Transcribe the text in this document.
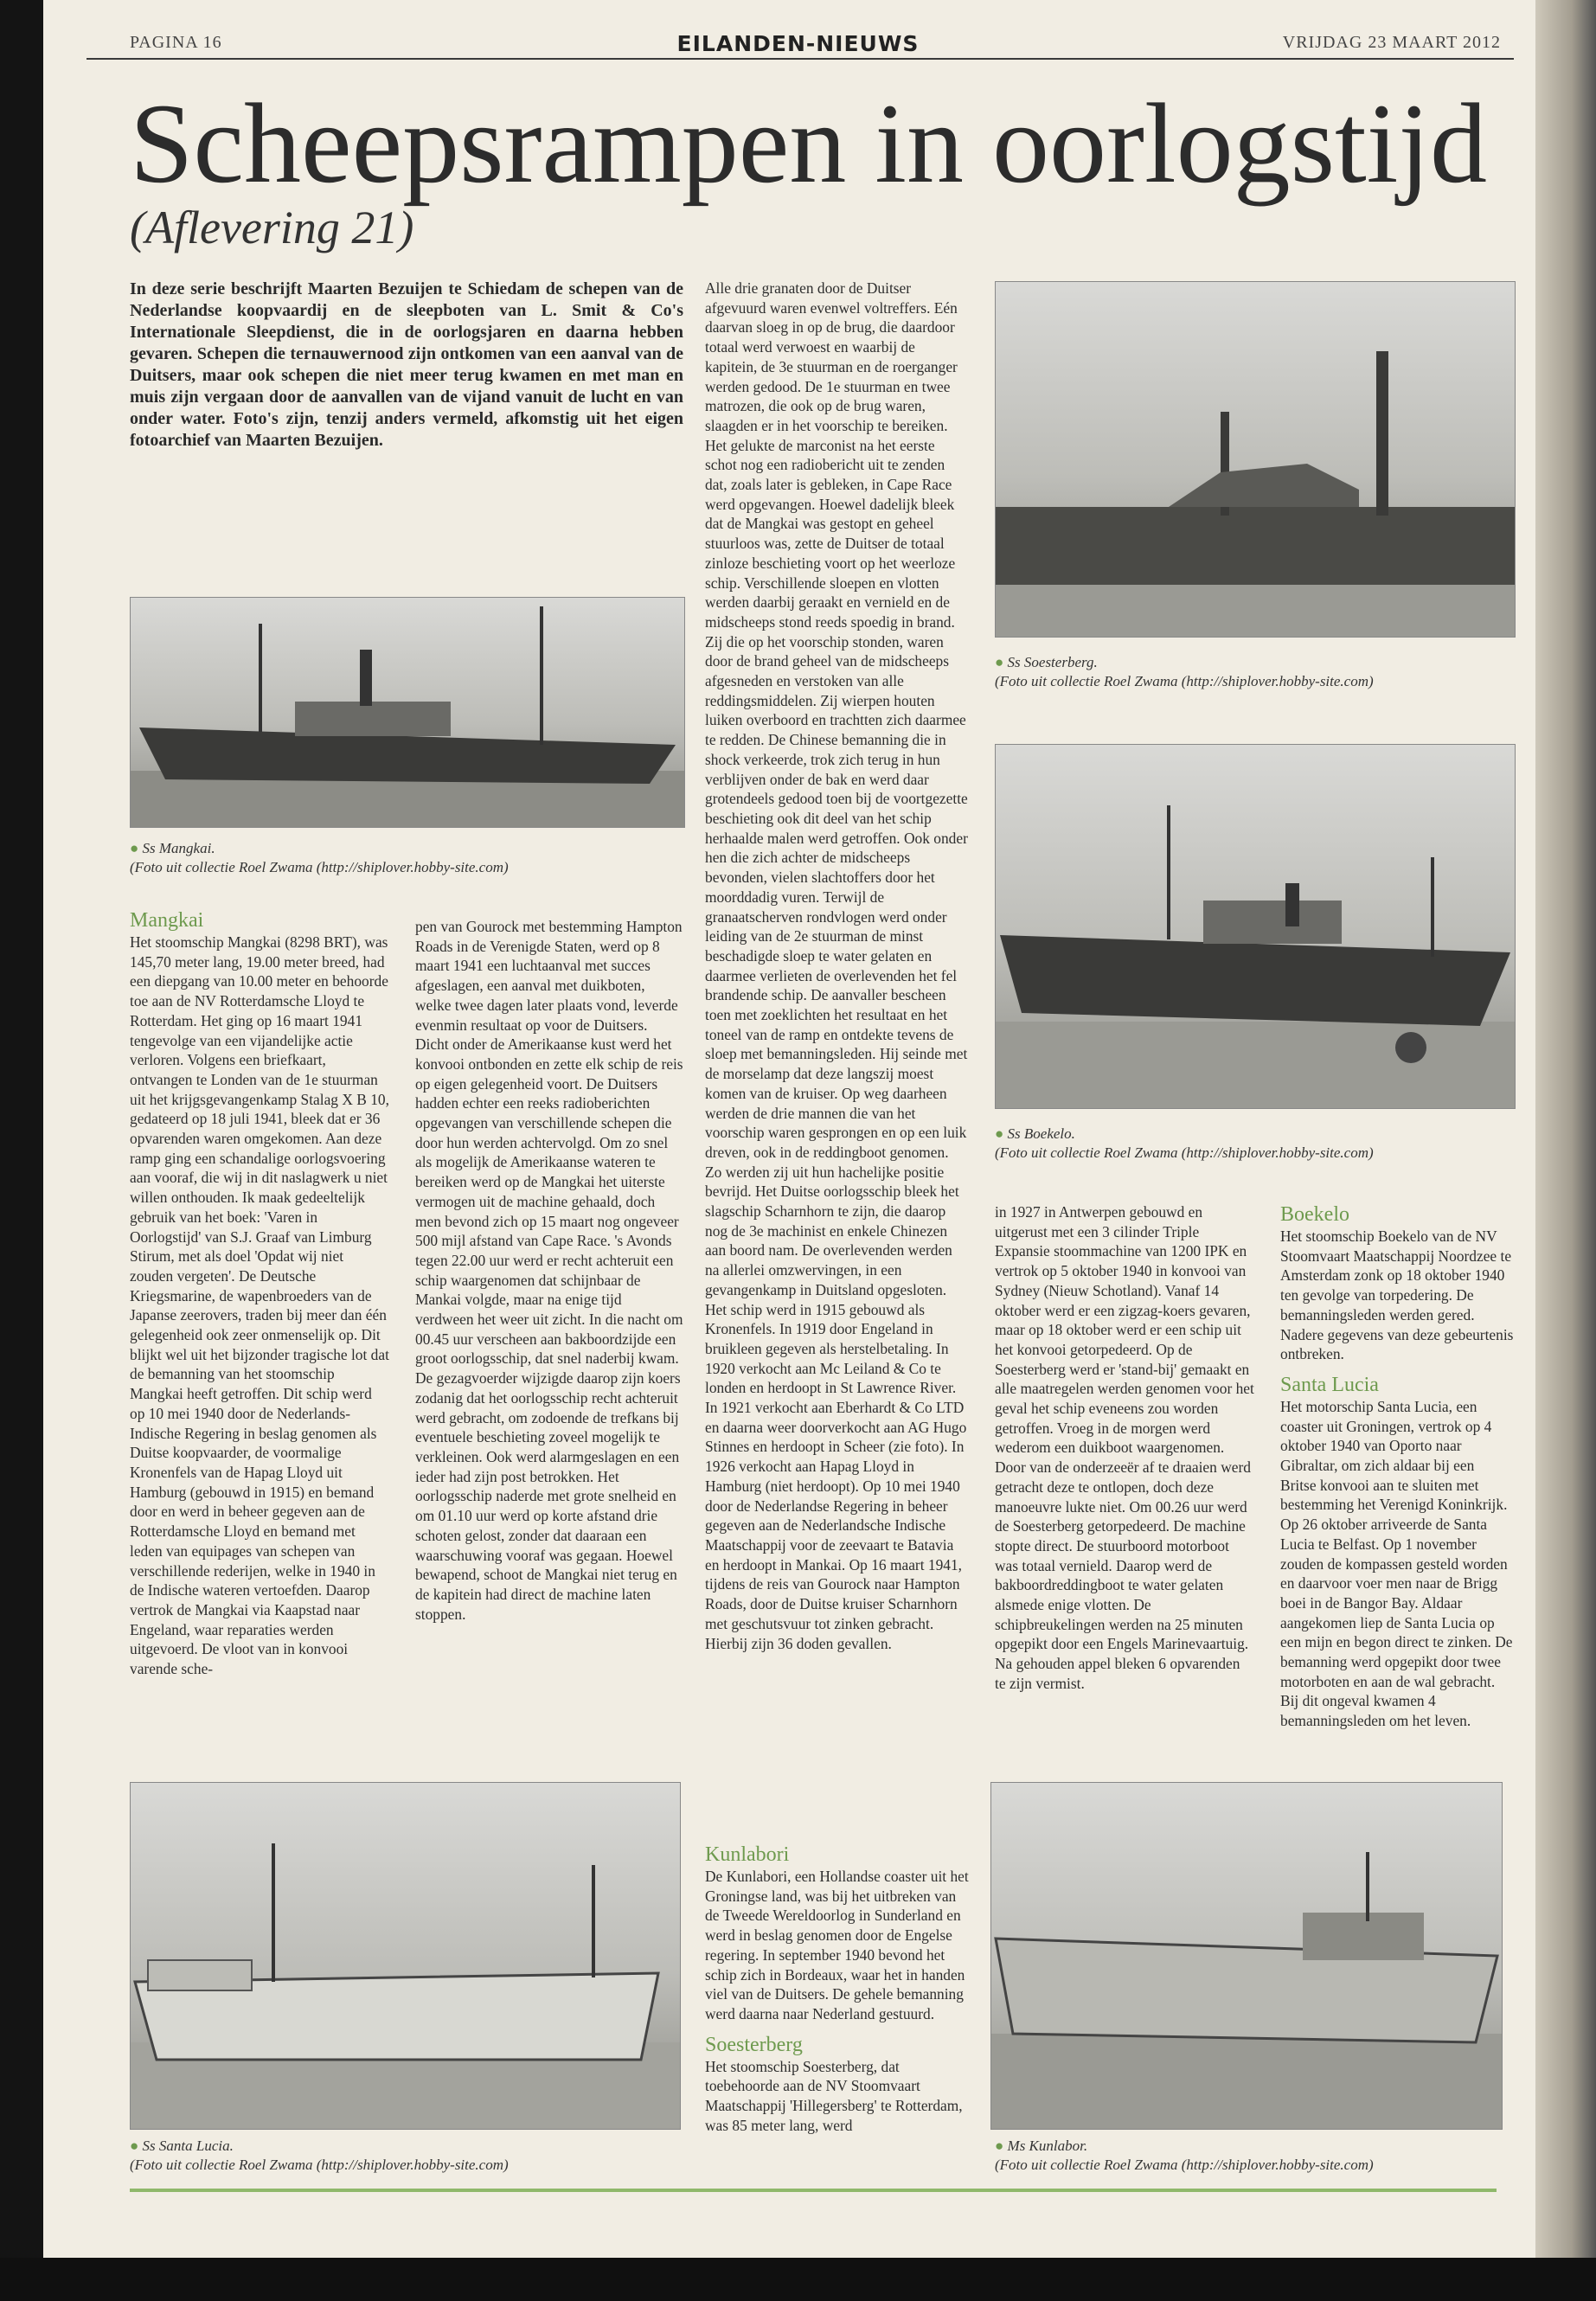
PAGINA 16	EILANDEN-NIEUWS	VRIJDAG 23 MAART 2012
Scheepsrampen in oorlogstijd
(Aflevering 21)
In deze serie beschrijft Maarten Bezuijen te Schiedam de schepen van de Nederlandse koopvaardij en de sleepboten van L. Smit & Co's Internationale Sleepdienst, die in de oorlogsjaren en daarna hebben gevaren. Schepen die ternauwernood zijn ontkomen van een aanval van de Duitsers, maar ook schepen die niet meer terug kwamen en met man en muis zijn vergaan door de aanvallen van de vijand vanuit de lucht en van onder water. Foto's zijn, tenzij anders vermeld, afkomstig uit het eigen fotoarchief van Maarten Bezuijen.
● Ss Mangkai.
(Foto uit collectie Roel Zwama (http://shiplover.hobby-site.com)

Mangkai

Het stoomschip Mangkai (8298 BRT), was 145,70 meter lang, 19.00 meter breed, had een diepgang van 10.00 meter en behoorde toe aan de NV Rotterdamsche Lloyd te Rotterdam. Het ging op 16 maart 1941 tengevolge van een vijandelijke actie verloren. Volgens een briefkaart, ontvangen te Londen van de 1e stuurman uit het krijgsgevangenkamp Stalag X B 10, gedateerd op 18 juli 1941, bleek dat er 36 opvarenden waren omgekomen. Aan deze ramp ging een schandalige oorlogsvoering aan vooraf, die wij in dit naslagwerk u niet willen onthouden. Ik maak gedeeltelijk gebruik van het boek: 'Varen in Oorlogstijd' van S.J. Graaf van Limburg Stirum, met als doel 'Opdat wij niet zouden vergeten'. De Deutsche Kriegsmarine, de wapenbroeders van de Japanse zeerovers, traden bij meer dan één gelegenheid ook zeer onmenselijk op. Dit blijkt wel uit het bijzonder tragische lot dat de bemanning van het stoomschip Mangkai heeft getroffen. Dit schip werd op 10 mei 1940 door de Nederlands-Indische Regering in beslag genomen als Duitse koopvaarder, de voormalige Kronenfels van de Hapag Lloyd uit Hamburg (gebouwd in 1915) en bemand door en werd in beheer gegeven aan de Rotterdamsche Lloyd en bemand met leden van equipages van schepen van verschillende rederijen, welke in 1940 in de Indische wateren vertoefden. Daarop vertrok de Mangkai via Kaapstad naar Engeland, waar reparaties werden uitgevoerd. De vloot van in konvooi varende sche-

pen van Gourock met bestemming Hampton Roads in de Verenigde Staten, werd op 8 maart 1941 een luchtaanval met succes afgeslagen, een aanval met duikboten, welke twee dagen later plaats vond, leverde evenmin resultaat op voor de Duitsers. Dicht onder de Amerikaanse kust werd het konvooi ontbonden en zette elk schip de reis op eigen gelegenheid voort. De Duitsers hadden echter een reeks radioberichten opgevangen van verschillende schepen die door hun werden achtervolgd. Om zo snel als mogelijk de Amerikaanse wateren te bereiken werd op de Mangkai het uiterste vermogen uit de machine gehaald, doch men bevond zich op 15 maart nog ongeveer 500 mijl afstand van Cape Race. 's Avonds tegen 22.00 uur werd er recht achteruit een schip waargenomen dat schijnbaar de Mankai volgde, maar na enige tijd verdween het weer uit zicht. In die nacht om 00.45 uur verscheen aan bakboordzijde een groot oorlogsschip, dat snel naderbij kwam. De gezagvoerder wijzigde daarop zijn koers zodanig dat het oorlogsschip recht achteruit werd gebracht, om zodoende de trefkans bij eventuele beschieting zoveel mogelijk te verkleinen. Ook werd alarmgeslagen en een ieder had zijn post betrokken. Het oorlogsschip naderde met grote snelheid en om 01.10 uur werd op korte afstand drie schoten gelost, zonder dat daaraan een waarschuwing vooraf was gegaan. Hoewel bewapend, schoot de Mangkai niet terug en de kapitein had direct de machine laten stoppen.

Alle drie granaten door de Duitser afgevuurd waren evenwel voltreffers. Eén daarvan sloeg in op de brug, die daardoor totaal werd verwoest en waarbij de kapitein, de 3e stuurman en de roerganger werden gedood. De 1e stuurman en twee matrozen, die ook op de brug waren, slaagden er in het voorschip te bereiken. Het gelukte de marconist na het eerste schot nog een radiobericht uit te zenden dat, zoals later is gebleken, in Cape Race werd opgevangen. Hoewel dadelijk bleek dat de Mangkai was gestopt en geheel stuurloos was, zette de Duitser de totaal zinloze beschieting voort op het weerloze schip. Verschillende sloepen en vlotten werden daarbij geraakt en vernield en de midscheeps stond reeds spoedig in brand. Zij die op het voorschip stonden, waren door de brand geheel van de midscheeps afgesneden en verstoken van alle reddingsmiddelen. Zij wierpen houten luiken overboord en trachtten zich daarmee te redden. De Chinese bemanning die in shock verkeerde, trok zich terug in hun verblijven onder de bak en werd daar grotendeels gedood toen bij de voortgezette beschieting ook dit deel van het schip herhaalde malen werd getroffen. Ook onder hen die zich achter de midscheeps bevonden, vielen slachtoffers door het moorddadig vuren. Terwijl de granaatscherven rondvlogen werd onder leiding van de 2e stuurman de minst beschadigde sloep te water gelaten en daarmee verlieten de overlevenden het fel brandende schip. De aanvaller bescheen toen met zoeklichten het resultaat en het toneel van de ramp en ontdekte tevens de sloep met bemanningsleden. Hij seinde met de morselamp dat deze langszij moest komen van de kruiser. Op weg daarheen werden de drie mannen die van het voorschip waren gesprongen en op een luik dreven, ook in de reddingboot genomen. Zo werden zij uit hun hachelijke positie bevrijd. Het Duitse oorlogsschip bleek het slagschip Scharnhorn te zijn, die daarop nog de 3e machinist en enkele Chinezen aan boord nam. De overlevenden werden na allerlei omzwervingen, in een gevangenkamp in Duitsland opgesloten. Het schip werd in 1915 gebouwd als Kronenfels. In 1919 door Engeland in bruikleen gegeven als herstelbetaling. In 1920 verkocht aan Mc Leiland & Co te londen en herdoopt in St Lawrence River. In 1921 verkocht aan Eberhardt & Co LTD en daarna weer doorverkocht aan AG Hugo Stinnes en herdoopt in Scheer (zie foto). In 1926 verkocht aan Hapag Lloyd in Hamburg (niet herdoopt). Op 10 mei 1940 door de Nederlandse Regering in beheer gegeven aan de Nederlandsche Indische Maatschappij voor de zeevaart te Batavia en herdoopt in Mankai. Op 16 maart 1941, tijdens de reis van Gourock naar Hampton Roads, door de Duitse kruiser Scharnhorn met geschutsvuur tot zinken gebracht. Hierbij zijn 36 doden gevallen.

● Ss Soesterberg.
(Foto uit collectie Roel Zwama (http://shiplover.hobby-site.com)
● Ss Boekelo.
(Foto uit collectie Roel Zwama (http://shiplover.hobby-site.com)

Kunlabori

De Kunlabori, een Hollandse coaster uit het Groningse land, was bij het uitbreken van de Tweede Wereldoorlog in Sunderland en werd in beslag genomen door de Engelse regering. In september 1940 bevond het schip zich in Bordeaux, waar het in handen viel van de Duitsers. De gehele bemanning werd daarna naar Nederland gestuurd.

Soesterberg

Het stoomschip Soesterberg, dat toebehoorde aan de NV Stoomvaart Maatschappij 'Hillegersberg' te Rotterdam, was 85 meter lang, werd

in 1927 in Antwerpen gebouwd en uitgerust met een 3 cilinder Triple Expansie stoommachine van 1200 IPK en vertrok op 5 oktober 1940 in konvooi van Sydney (Nieuw Schotland). Vanaf 14 oktober werd er een zigzag-koers gevaren, maar op 18 oktober werd er een schip uit het konvooi getorpedeerd. Op de Soesterberg werd er 'stand-bij' gemaakt en alle maatregelen werden genomen voor het geval het schip eveneens zou worden getroffen. Vroeg in de morgen werd wederom een duikboot waargenomen. Door van de onderzeeër af te draaien werd getracht deze te ontlopen, doch deze manoeuvre lukte niet. Om 00.26 uur werd de Soesterberg getorpedeerd. De machine stopte direct. De stuurboord motorboot was totaal vernield. Daarop werd de bakboordreddingboot te water gelaten alsmede enige vlotten. De schipbreukelingen werden na 25 minuten opgepikt door een Engels Marinevaartuig. Na gehouden appel bleken 6 opvarenden te zijn vermist.

Boekelo

Het stoomschip Boekelo van de NV Stoomvaart Maatschappij Noordzee te Amsterdam zonk op 18 oktober 1940 ten gevolge van torpedering. De bemanningsleden werden gered. Nadere gegevens van deze gebeurtenis ontbreken.

Santa Lucia

Het motorschip Santa Lucia, een coaster uit Groningen, vertrok op 4 oktober 1940 van Oporto naar Gibraltar, om zich aldaar bij een Britse konvooi aan te sluiten met bestemming het Verenigd Koninkrijk. Op 26 oktober arriveerde de Santa Lucia te Belfast. Op 1 november zouden de kompassen gesteld worden en daarvoor voer men naar de Brigg boei in de Bangor Bay. Aldaar aangekomen liep de Santa Lucia op een mijn en begon direct te zinken. De bemanning werd opgepikt door twee motorboten en aan de wal gebracht. Bij dit ongeval kwamen 4 bemanningsleden om het leven.

● Ss Santa Lucia.
(Foto uit collectie Roel Zwama (http://shiplover.hobby-site.com)
● Ms Kunlabor.
(Foto uit collectie Roel Zwama (http://shiplover.hobby-site.com)
